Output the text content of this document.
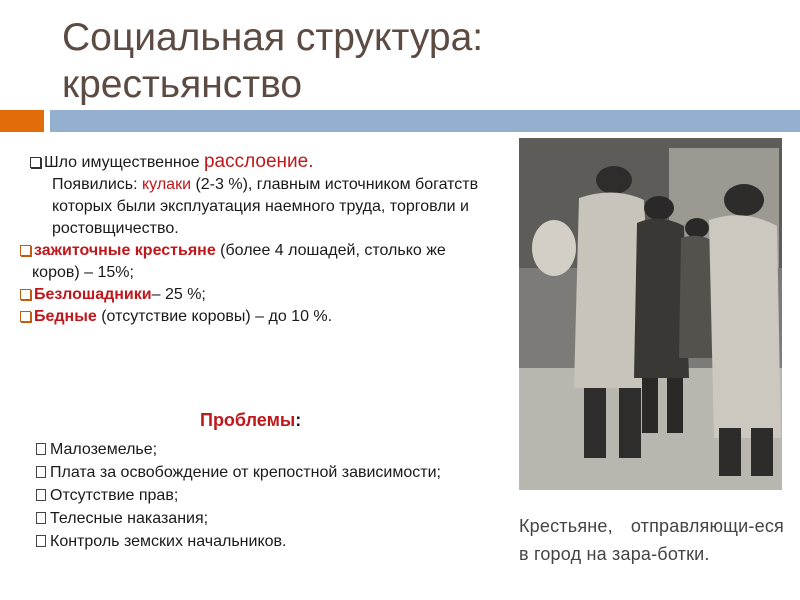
Социальная структура:
крестьянство

Шло имущественное расслоение.

Появились: кулаки (2-3 %), главным источником богатств которых были эксплуатация наемного труда, торговли и ростовщичество.

зажиточные крестьяне (более 4 лошадей, столько же коров) – 15%;

Безлошадники– 25 %;

Бедные (отсутствие коровы) – до 10 %.

Проблемы:
Малоземелье;
Плата за освобождение от крепостной зависимости;
Отсутствие прав;
Телесные наказания;
Контроль земских начальников.
Крестьяне, отправляющи-еся в город на зара-ботки.
